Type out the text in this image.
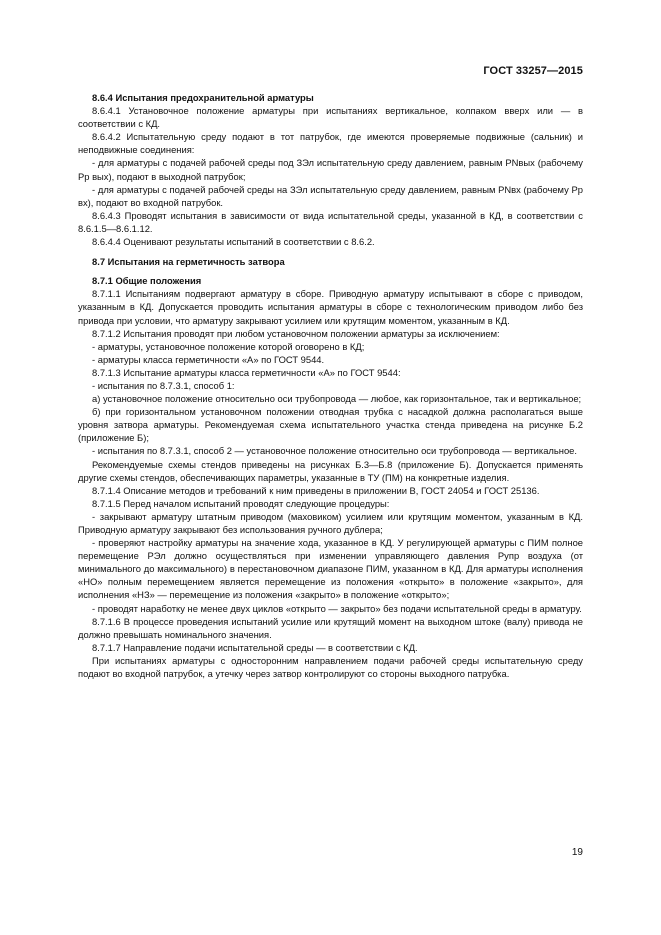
ГОСТ 33257—2015

8.6.4 Испытания предохранительной арматуры

8.6.4.1 Установочное положение арматуры при испытаниях вертикальное, колпаком вверх или — в соответствии с КД.

8.6.4.2 Испытательную среду подают в тот патрубок, где имеются проверяемые подвижные (сальник) и неподвижные соединения:

- для арматуры с подачей рабочей среды под ЗЭл испытательную среду давлением, равным PNвых (рабочему Pр вых), подают в выходной патрубок;

- для арматуры с подачей рабочей среды на ЗЭл испытательную среду давлением, равным PNвх (рабочему Pр вх), подают во входной патрубок.

8.6.4.3 Проводят испытания в зависимости от вида испытательной среды, указанной в КД, в соответствии с 8.6.1.5—8.6.1.12.

8.6.4.4 Оценивают результаты испытаний в соответствии с 8.6.2.

8.7 Испытания на герметичность затвора

8.7.1 Общие положения

8.7.1.1 Испытаниям подвергают арматуру в сборе. Приводную арматуру испытывают в сборе с приводом, указанным в КД. Допускается проводить испытания арматуры в сборе с технологическим приводом либо без привода при условии, что арматуру закрывают усилием или крутящим моментом, указанным в КД.

8.7.1.2 Испытания проводят при любом установочном положении арматуры за исключением:

- арматуры, установочное положение которой оговорено в КД;

- арматуры класса герметичности «А» по ГОСТ 9544.

8.7.1.3 Испытание арматуры класса герметичности «А» по ГОСТ 9544:

- испытания по 8.7.3.1, способ 1:

а) установочное положение относительно оси трубопровода — любое, как горизонтальное, так и вертикальное;

б) при горизонтальном установочном положении отводная трубка с насадкой должна располагаться выше уровня затвора арматуры. Рекомендуемая схема испытательного участка стенда приведена на рисунке Б.2 (приложение Б);

- испытания по 8.7.3.1, способ 2 — установочное положение относительно оси трубопровода — вертикальное.

Рекомендуемые схемы стендов приведены на рисунках Б.3—Б.8 (приложение Б). Допускается применять другие схемы стендов, обеспечивающих параметры, указанные в ТУ (ПМ) на конкретные изделия.

8.7.1.4 Описание методов и требований к ним приведены в приложении В, ГОСТ 24054 и ГОСТ 25136.

8.7.1.5 Перед началом испытаний проводят следующие процедуры:

- закрывают арматуру штатным приводом (маховиком) усилием или крутящим моментом, указанным в КД. Приводную арматуру закрывают без использования ручного дублера;

- проверяют настройку арматуры на значение хода, указанное в КД. У регулирующей арматуры с ПИМ полное перемещение РЭл должно осуществляться при изменении управляющего давления Pупр воздуха (от минимального до максимального) в перестановочном диапазоне ПИМ, указанном в КД. Для арматуры исполнения «НО» полным перемещением является перемещение из положения «открыто» в положение «закрыто», для исполнения «НЗ» — перемещение из положения «закрыто» в положение «открыто»;

- проводят наработку не менее двух циклов «открыто — закрыто» без подачи испытательной среды в арматуру.

8.7.1.6 В процессе проведения испытаний усилие или крутящий момент на выходном штоке (валу) привода не должно превышать номинального значения.

8.7.1.7 Направление подачи испытательной среды — в соответствии с КД.

При испытаниях арматуры с односторонним направлением подачи рабочей среды испытательную среду подают во входной патрубок, а утечку через затвор контролируют со стороны выходного патрубка.

19
